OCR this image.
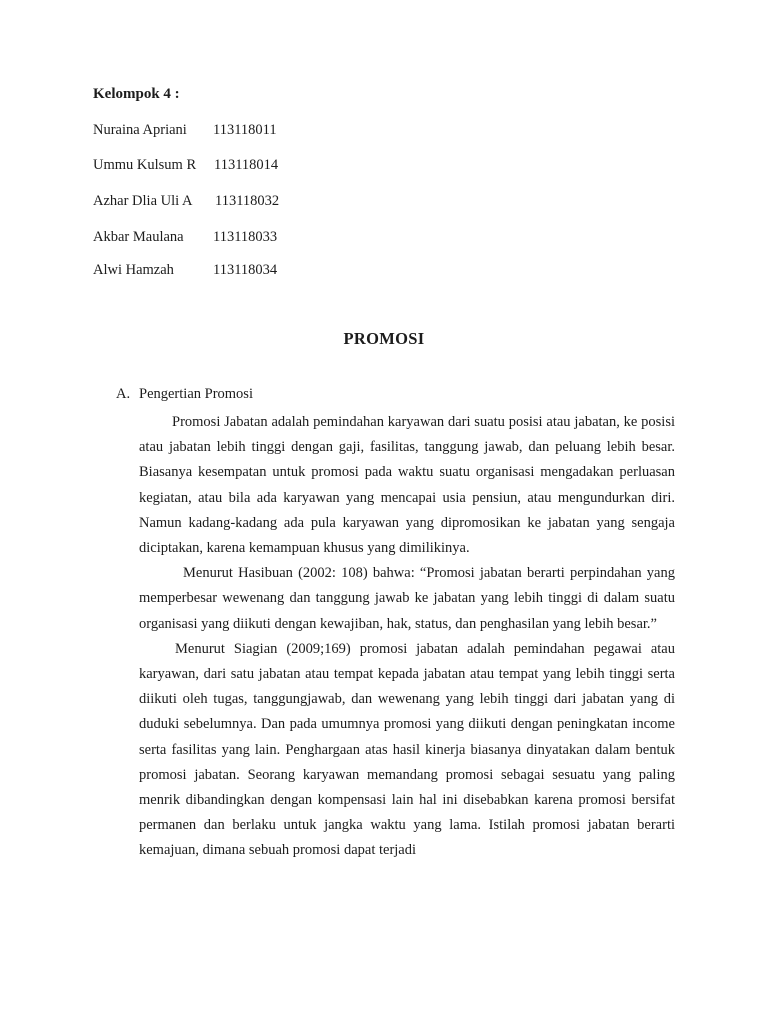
Kelompok 4 :

Nuraina Apriani 113118011

Ummu Kulsum R 113118014

Azhar Dlia Uli A 113118032

Akbar Maulana 113118033

Alwi Hamzah	113118034

PROMOSI

A. Pengertian Promosi

Promosi Jabatan adalah pemindahan karyawan dari suatu posisi atau jabatan, ke posisi atau jabatan lebih tinggi dengan gaji, fasilitas, tanggung jawab, dan peluang lebih besar. Biasanya kesempatan untuk promosi pada waktu suatu organisasi mengadakan perluasan kegiatan, atau bila ada karyawan yang mencapai usia pensiun, atau mengundurkan diri. Namun kadang-kadang ada pula karyawan yang dipromosikan ke jabatan yang sengaja diciptakan, karena kemampuan khusus yang dimilikinya.

Menurut Hasibuan (2002: 108) bahwa: “Promosi jabatan berarti perpindahan yang memperbesar wewenang dan tanggung jawab ke jabatan yang lebih tinggi di dalam suatu organisasi yang diikuti dengan kewajiban, hak, status, dan penghasilan yang lebih besar.”

Menurut Siagian (2009;169) promosi jabatan adalah pemindahan pegawai atau karyawan, dari satu jabatan atau tempat kepada jabatan atau tempat yang lebih tinggi serta diikuti oleh tugas, tanggungjawab, dan wewenang yang lebih tinggi dari jabatan yang di duduki sebelumnya. Dan pada umumnya promosi yang diikuti dengan peningkatan income serta fasilitas yang lain. Penghargaan atas hasil kinerja biasanya dinyatakan dalam bentuk promosi jabatan. Seorang karyawan memandang promosi sebagai sesuatu yang paling menrik dibandingkan dengan kompensasi lain hal ini disebabkan karena promosi bersifat permanen dan berlaku untuk jangka waktu yang lama. Istilah promosi jabatan berarti kemajuan, dimana sebuah promosi dapat terjadi
